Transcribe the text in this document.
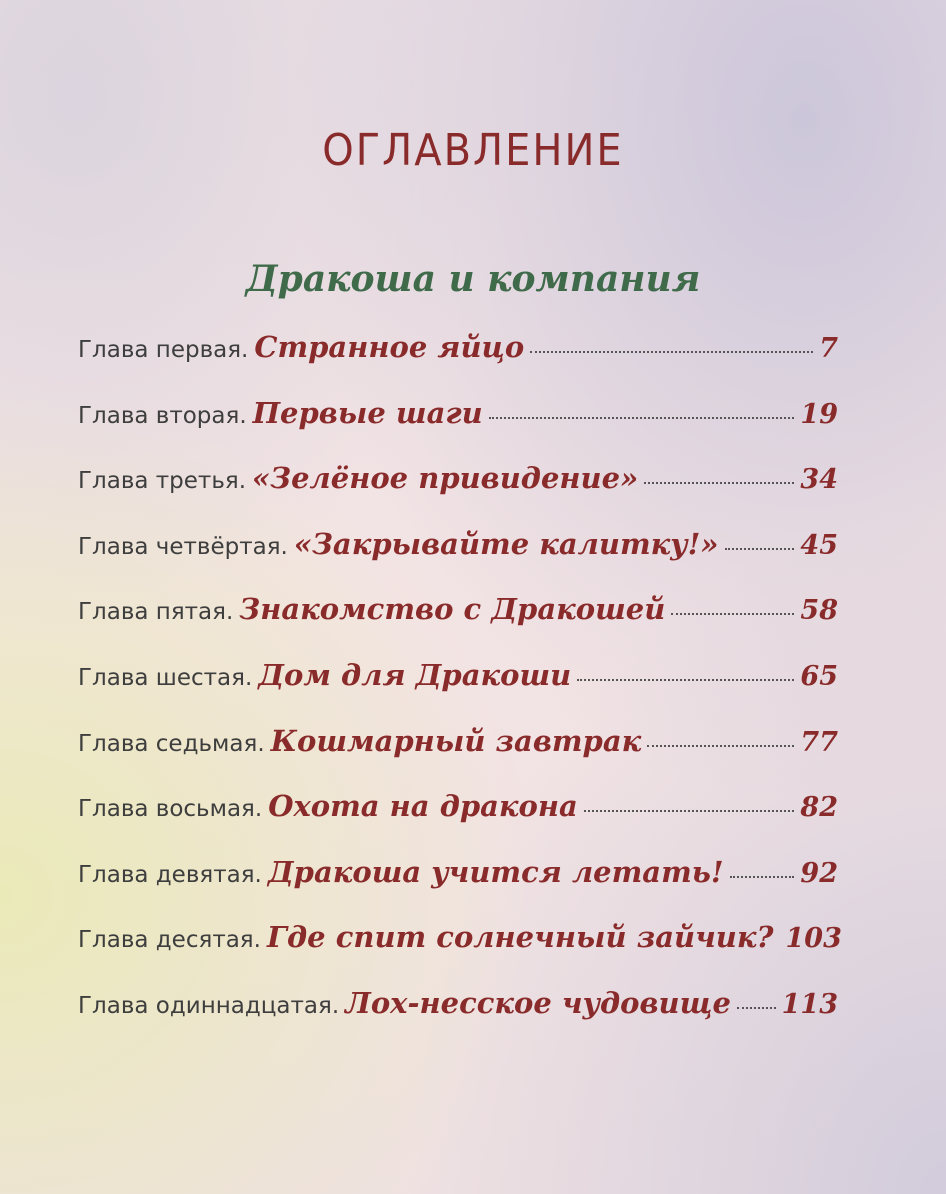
ОГЛАВЛЕНИЕ
Дракоша и компания
Глава первая. Странное яйцо	7
Глава вторая. Первые шаги	19
Глава третья. «Зелёное привидение»	34
Глава четвёртая. «Закрывайте калитку!»	45
Глава пятая. Знакомство с Дракошей	58
Глава шестая. Дом для Дракоши	65
Глава седьмая. Кошмарный завтрак	77
Глава восьмая. Охота на дракона	82
Глава девятая. Дракоша учится летать!	92
Глава десятая. Где спит солнечный зайчик? 103
Глава одиннадцатая. Лох-несское чудовище 113
